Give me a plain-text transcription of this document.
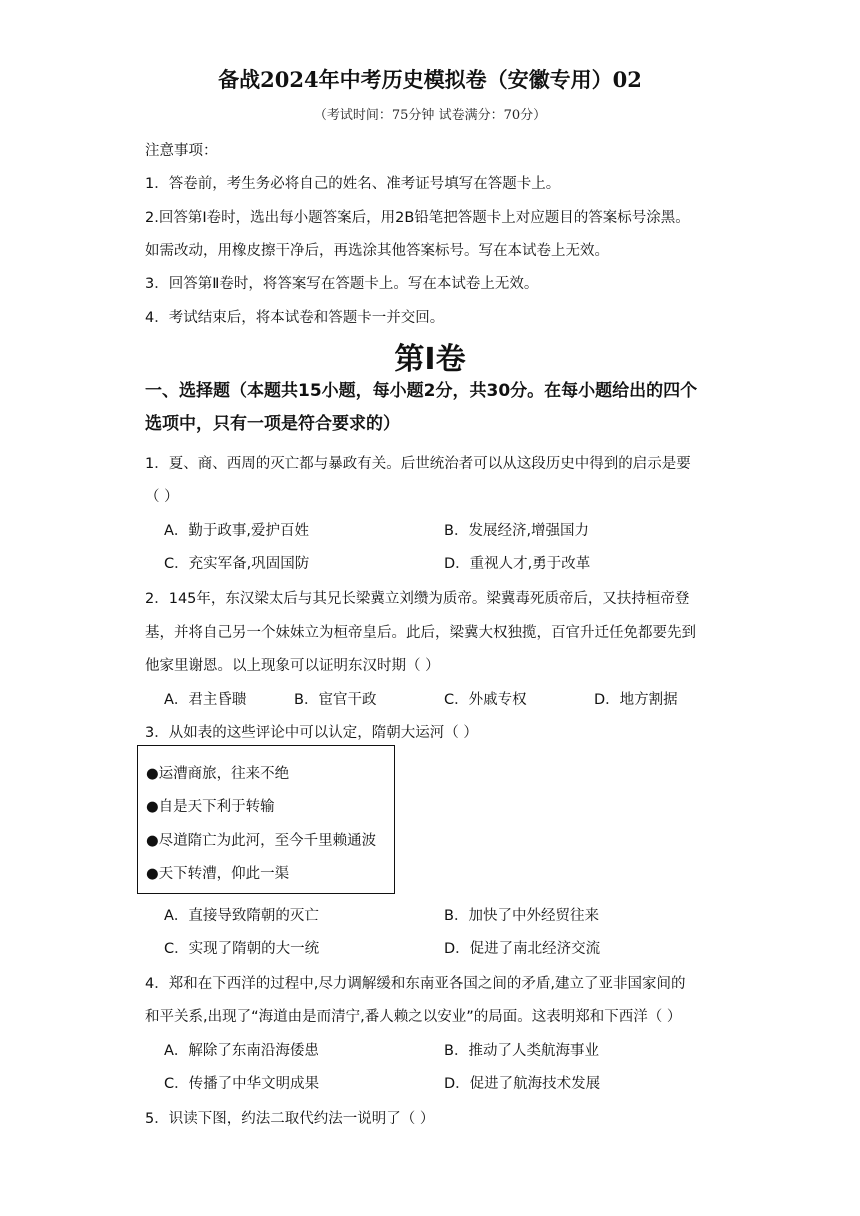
备战2024年中考历史模拟卷（安徽专用）02
（考试时间：75分钟 试卷满分：70分）
注意事项：
1．答卷前，考生务必将自己的姓名、准考证号填写在答题卡上。
2.回答第Ⅰ卷时，选出每小题答案后，用2B铅笔把答题卡上对应题目的答案标号涂黑。
如需改动，用橡皮擦干净后，再选涂其他答案标号。写在本试卷上无效。
3．回答第Ⅱ卷时，将答案写在答题卡上。写在本试卷上无效。
4．考试结束后，将本试卷和答题卡一并交回。
第Ⅰ卷
一、选择题（本题共15小题，每小题2分，共30分。在每小题给出的四个
选项中，只有一项是符合要求的）
1．夏、商、西周的灭亡都与暴政有关。后世统治者可以从这段历史中得到的启示是要
（ ）
A．勤于政事,爱护百姓	B．发展经济,增强国力
C．充实军备,巩固国防	D．重视人才,勇于改革
2．145年，东汉梁太后与其兄长梁冀立刘缵为质帝。梁冀毒死质帝后，又扶持桓帝登
基，并将自己另一个妹妹立为桓帝皇后。此后，梁冀大权独揽，百官升迁任免都要先到
他家里谢恩。以上现象可以证明东汉时期（ ）
A．君主昏聩	B．宦官干政	C．外戚专权	D．地方割据
3．从如表的这些评论中可以认定，隋朝大运河（ ）
●运漕商旅，往来不绝
●自是天下利于转输
●尽道隋亡为此河，至今千里赖通波
●天下转漕，仰此一渠
A．直接导致隋朝的灭亡	B．加快了中外经贸往来
C．实现了隋朝的大一统	D．促进了南北经济交流
4．郑和在下西洋的过程中,尽力调解缓和东南亚各国之间的矛盾,建立了亚非国家间的
和平关系,出现了“海道由是而清宁,番人赖之以安业”的局面。这表明郑和下西洋（ ）
A．解除了东南沿海倭患	B．推动了人类航海事业
C．传播了中华文明成果	D．促进了航海技术发展
5．识读下图，约法二取代约法一说明了（ ）
